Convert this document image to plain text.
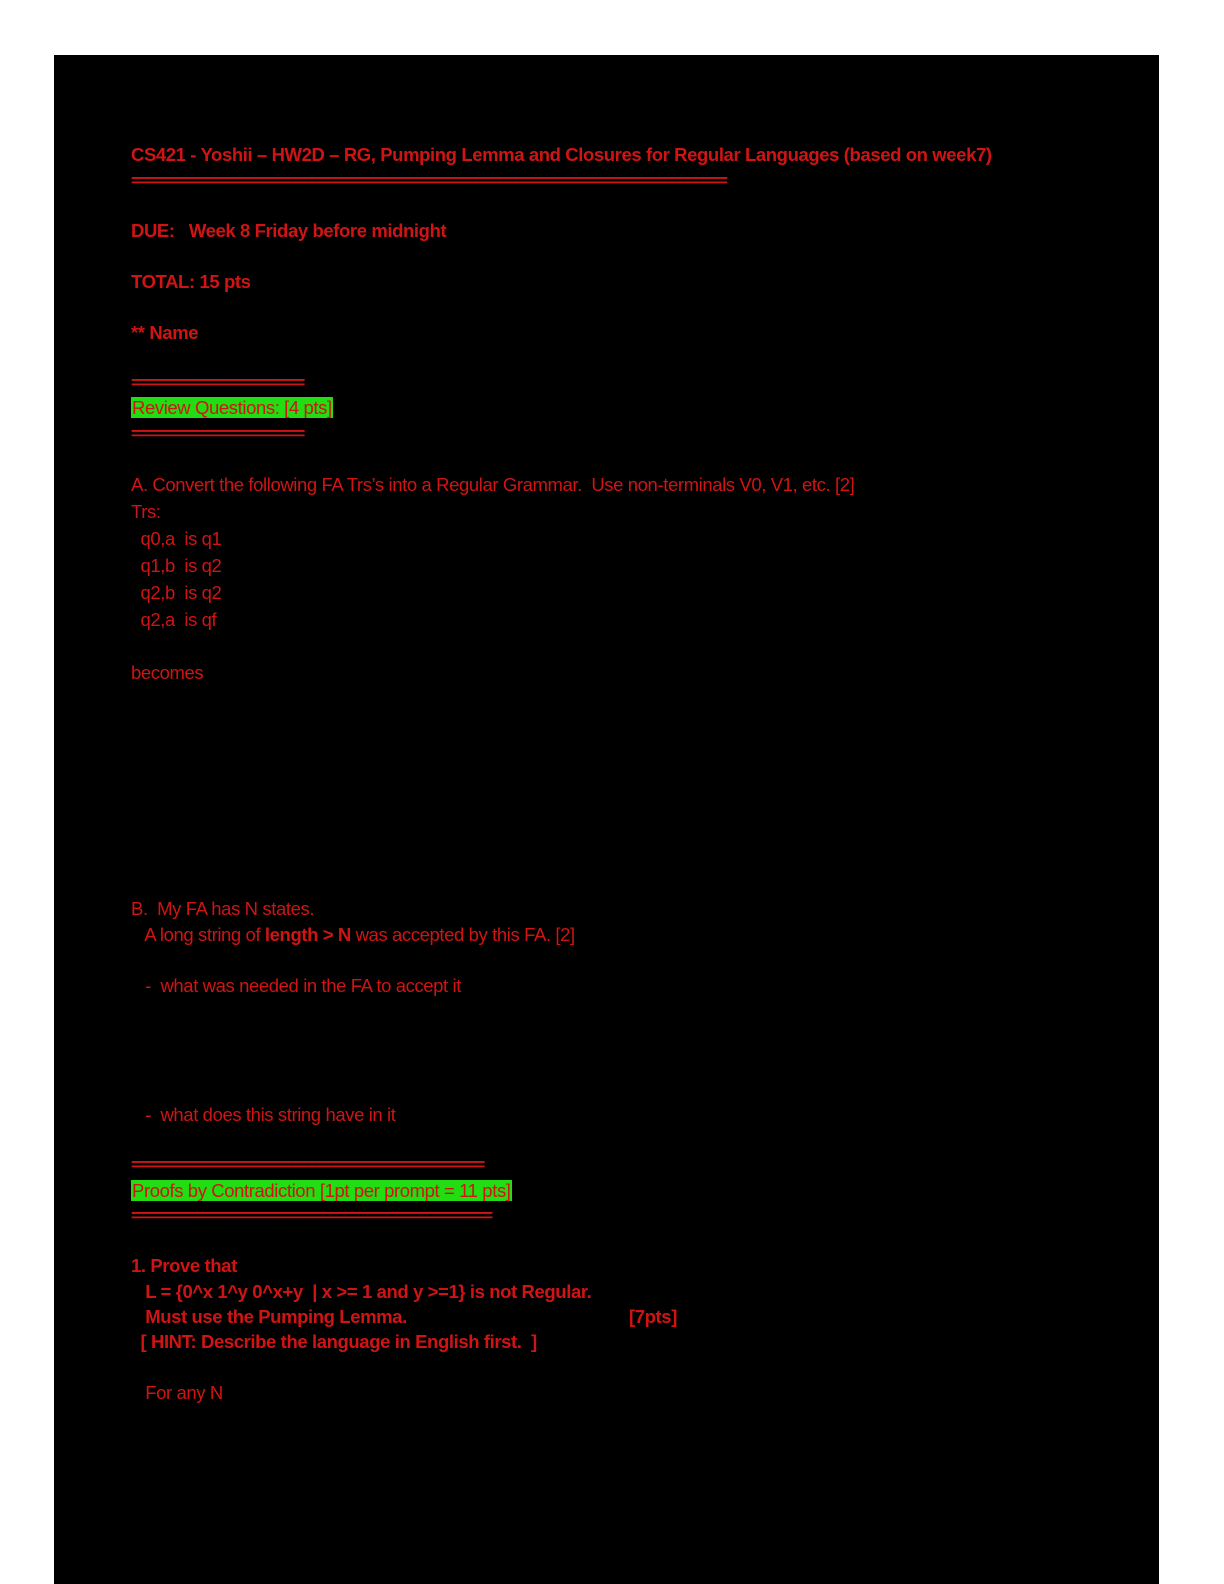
CS421 - Yoshii – HW2D – RG, Pumping Lemma and Closures for Regular Languages (based on week7)
============================================================================
DUE:   Week 8 Friday before midnight
TOTAL: 15 pts
** Name
======================
Review Questions: [4 pts]
======================
A. Convert the following FA Trs’s into a Regular Grammar.  Use non-terminals V0, V1, etc. [2]
Trs:
q0,a  is q1
q1,b  is q2
q2,b  is q2
q2,a  is qf
becomes
B.  My FA has N states.
A long string of length > N was accepted by this FA. [2]
-  what was needed in the FA to accept it
-  what does this string have in it
=============================================
Proofs by Contradiction [1pt per prompt = 11 pts]
==============================================
1. Prove that
L = {0^x 1^y 0^x+y  | x >= 1 and y >=1} is not Regular.
Must use the Pumping Lemma.	[7pts]
[ HINT: Describe the language in English first.  ]
For any N
